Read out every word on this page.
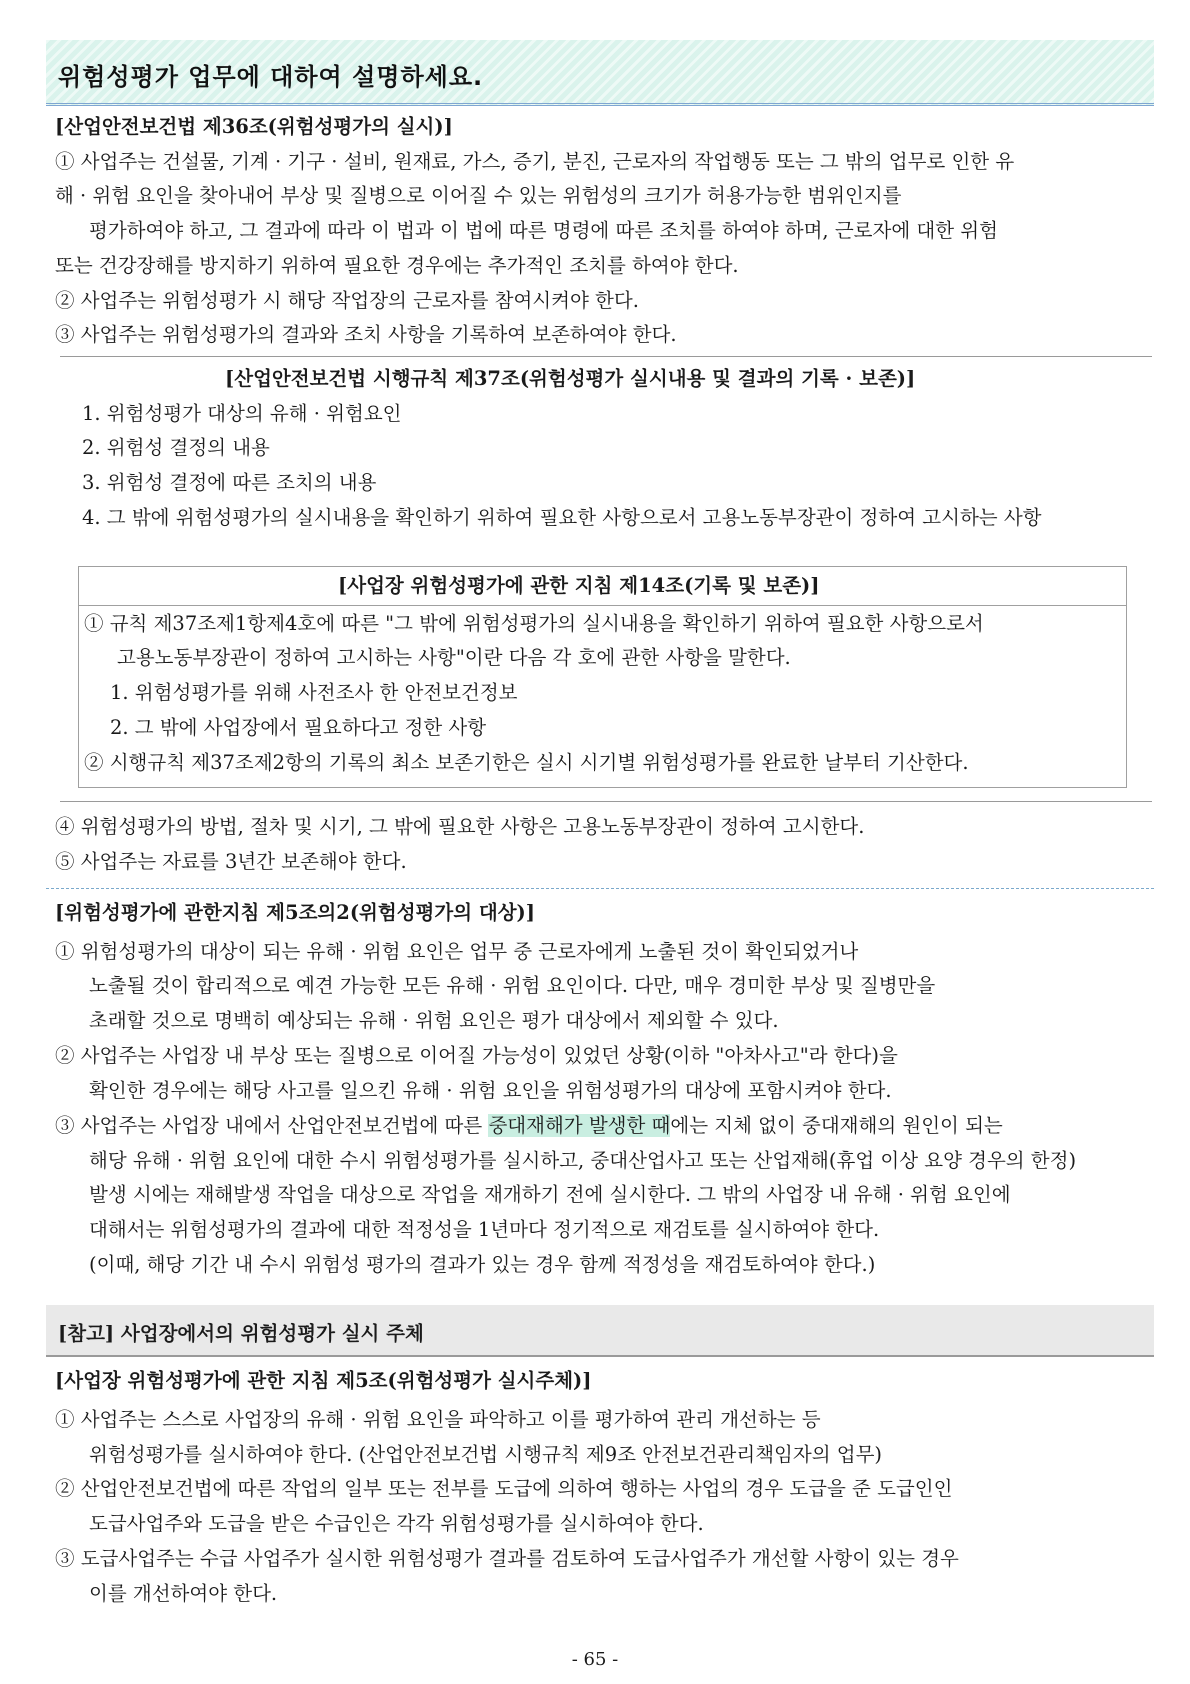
위험성평가 업무에 대하여 설명하세요.
[산업안전보건법 제36조(위험성평가의 실시)]
① 사업주는 건설물, 기계 · 기구 · 설비, 원재료, 가스, 증기, 분진, 근로자의 작업행동 또는 그 밖의 업무로 인한 유
해 · 위험 요인을 찾아내어 부상 및 질병으로 이어질 수 있는 위험성의 크기가 허용가능한 범위인지를
평가하여야 하고, 그 결과에 따라 이 법과 이 법에 따른 명령에 따른 조치를 하여야 하며, 근로자에 대한 위험
또는 건강장해를 방지하기 위하여 필요한 경우에는 추가적인 조치를 하여야 한다.
② 사업주는 위험성평가 시 해당 작업장의 근로자를 참여시켜야 한다.
③ 사업주는 위험성평가의 결과와 조치 사항을 기록하여 보존하여야 한다.
[산업안전보건법 시행규칙 제37조(위험성평가 실시내용 및 결과의 기록 · 보존)]
1. 위험성평가 대상의 유해 · 위험요인
2. 위험성 결정의 내용
3. 위험성 결정에 따른 조치의 내용
4. 그 밖에 위험성평가의 실시내용을 확인하기 위하여 필요한 사항으로서 고용노동부장관이 정하여 고시하는 사항
[사업장 위험성평가에 관한 지침 제14조(기록 및 보존)]
① 규칙 제37조제1항제4호에 따른 "그 밖에 위험성평가의 실시내용을 확인하기 위하여 필요한 사항으로서
고용노동부장관이 정하여 고시하는 사항"이란 다음 각 호에 관한 사항을 말한다.
1. 위험성평가를 위해 사전조사 한 안전보건정보
2. 그 밖에 사업장에서 필요하다고 정한 사항
② 시행규칙 제37조제2항의 기록의 최소 보존기한은 실시 시기별 위험성평가를 완료한 날부터 기산한다.
④ 위험성평가의 방법, 절차 및 시기, 그 밖에 필요한 사항은 고용노동부장관이 정하여 고시한다.
⑤ 사업주는 자료를 3년간 보존해야 한다.
[위험성평가에 관한지침 제5조의2(위험성평가의 대상)]
① 위험성평가의 대상이 되는 유해 · 위험 요인은 업무 중 근로자에게 노출된 것이 확인되었거나
노출될 것이 합리적으로 예견 가능한 모든 유해 · 위험 요인이다. 다만, 매우 경미한 부상 및 질병만을
초래할 것으로 명백히 예상되는 유해 · 위험 요인은 평가 대상에서 제외할 수 있다.
② 사업주는 사업장 내 부상 또는 질병으로 이어질 가능성이 있었던 상황(이하 "아차사고"라 한다)을
확인한 경우에는 해당 사고를 일으킨 유해 · 위험 요인을 위험성평가의 대상에 포함시켜야 한다.
③ 사업주는 사업장 내에서 산업안전보건법에 따른 중대재해가 발생한 때에는 지체 없이 중대재해의 원인이 되는
해당 유해 · 위험 요인에 대한 수시 위험성평가를 실시하고, 중대산업사고 또는 산업재해(휴업 이상 요양 경우의 한정)
발생 시에는 재해발생 작업을 대상으로 작업을 재개하기 전에 실시한다. 그 밖의 사업장 내 유해 · 위험 요인에
대해서는 위험성평가의 결과에 대한 적정성을 1년마다 정기적으로 재검토를 실시하여야 한다.
(이때, 해당 기간 내 수시 위험성 평가의 결과가 있는 경우 함께 적정성을 재검토하여야 한다.)
[참고] 사업장에서의 위험성평가 실시 주체
[사업장 위험성평가에 관한 지침 제5조(위험성평가 실시주체)]
① 사업주는 스스로 사업장의 유해 · 위험 요인을 파악하고 이를 평가하여 관리 개선하는 등
위험성평가를 실시하여야 한다. (산업안전보건법 시행규칙 제9조 안전보건관리책임자의 업무)
② 산업안전보건법에 따른 작업의 일부 또는 전부를 도급에 의하여 행하는 사업의 경우 도급을 준 도급인인
도급사업주와 도급을 받은 수급인은 각각 위험성평가를 실시하여야 한다.
③ 도급사업주는 수급 사업주가 실시한 위험성평가 결과를 검토하여 도급사업주가 개선할 사항이 있는 경우
이를 개선하여야 한다.
- 65 -
